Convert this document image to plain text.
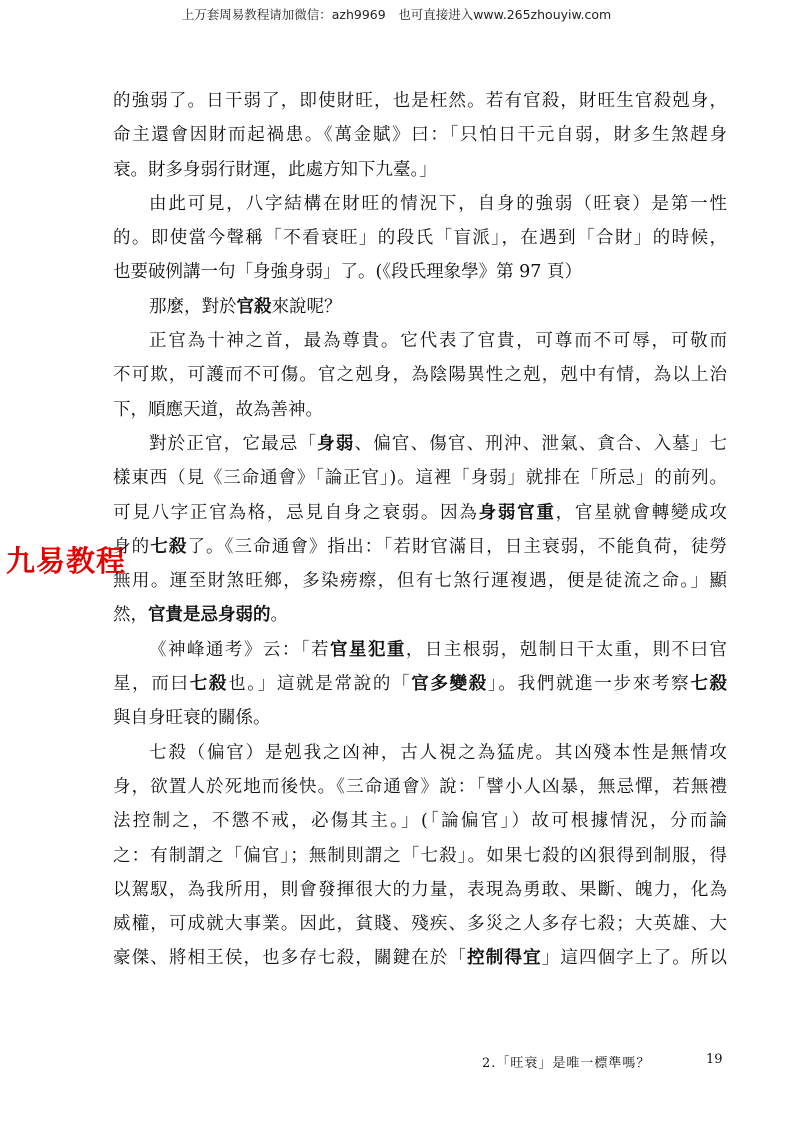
上万套周易教程请加微信：azh9969　也可直接进入www.265zhouyiw.com
九易教程
的強弱了。日干弱了，即使財旺，也是枉然。若有官殺，財旺生官殺剋身，
命主還會因財而起禍患。《萬金賦》曰：「只怕日干元自弱，財多生煞趕身
衰。財多身弱行財運，此處方知下九臺。」
由此可見，八字結構在財旺的情況下，自身的強弱（旺衰）是第一性
的。即使當今聲稱「不看衰旺」的段氏「盲派」，在遇到「合財」的時候，
也要破例講一句「身強身弱」了。(《段氏理象學》第 97 頁）
那麼，對於官殺來說呢？
正官為十神之首，最為尊貴。它代表了官貴，可尊而不可辱，可敬而
不可欺，可護而不可傷。官之剋身，為陰陽異性之剋，剋中有情，為以上治
下，順應天道，故為善神。
對於正官，它最忌「身弱、偏官、傷官、刑沖、泄氣、貪合、入墓」七
樣東西（見《三命通會》「論正官」)。這裡「身弱」就排在「所忌」的前列。
可見八字正官為格，忌見自身之衰弱。因為身弱官重，官星就會轉變成攻
身的七殺了。《三命通會》指出：「若財官滿目，日主衰弱，不能負荷，徒勞
無用。運至財煞旺鄉，多染痨瘵，但有七煞行運複遇，便是徒流之命。」顯
然，官貴是忌身弱的。
《神峰通考》云：「若官星犯重，日主根弱，剋制日干太重，則不曰官
星，而曰七殺也。」這就是常說的「官多變殺」。我們就進一步來考察七殺
與自身旺衰的關係。
七殺（偏官）是剋我之凶神，古人視之為猛虎。其凶殘本性是無情攻
身，欲置人於死地而後快。《三命通會》說：「譬小人凶暴，無忌憚，若無禮
法控制之，不懲不戒，必傷其主。」(「論偏官」）故可根據情況，分而論
之：有制謂之「偏官」；無制則謂之「七殺」。如果七殺的凶狠得到制服，得
以駕馭，為我所用，則會發揮很大的力量，表現為勇敢、果斷、魄力，化為
威權，可成就大事業。因此，貧賤、殘疾、多災之人多存七殺；大英雄、大
豪傑、將相王侯，也多存七殺，關鍵在於「控制得宜」這四個字上了。所以
2.「旺衰」是唯一標準嗎？	19
